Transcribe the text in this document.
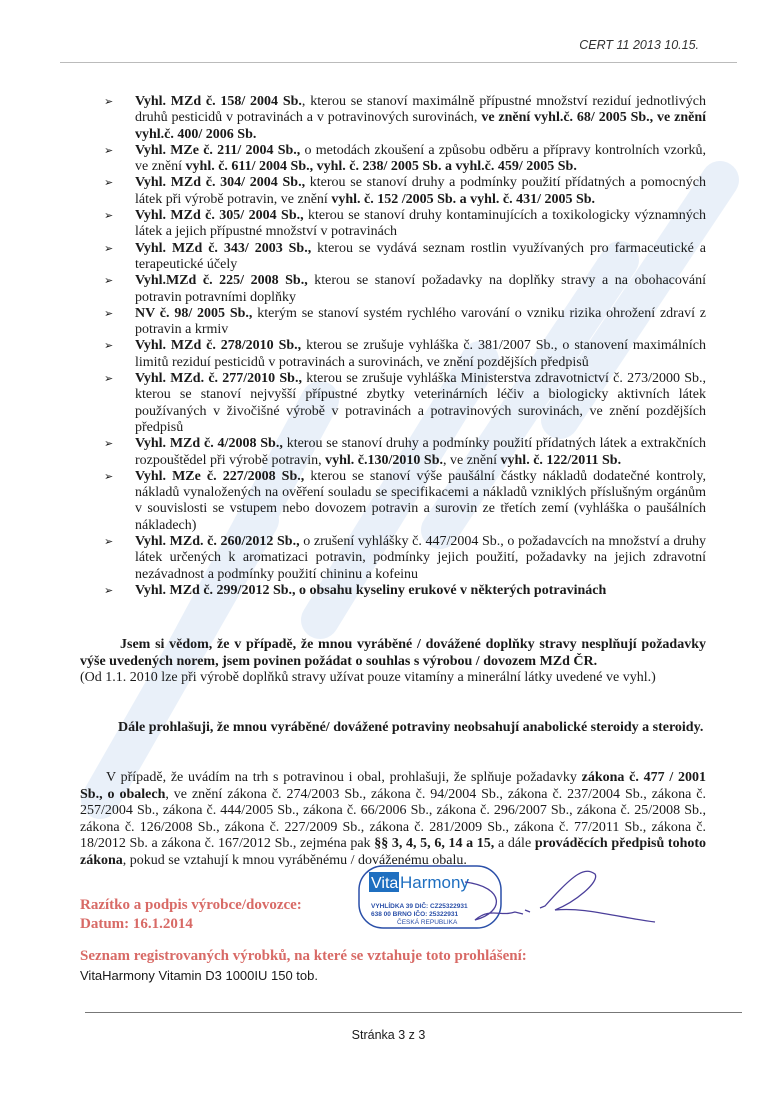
CERT 11 2013 10.15.
➢ Vyhl. MZd č. 158/ 2004 Sb., kterou se stanoví maximálně přípustné množství reziduí jednotlivých druhů pesticidů v potravinách a v potravinových surovinách, ve znění vyhl.č. 68/ 2005 Sb., ve znění vyhl.č. 400/ 2006 Sb.
➢ Vyhl. MZe č. 211/ 2004 Sb., o metodách zkoušení a způsobu odběru a přípravy kontrolních vzorků, ve znění vyhl. č. 611/ 2004 Sb., vyhl. č. 238/ 2005 Sb. a vyhl.č. 459/ 2005 Sb.
➢ Vyhl. MZd č. 304/ 2004 Sb., kterou se stanoví druhy a podmínky použití přídatných a pomocných látek při výrobě potravin, ve znění vyhl. č. 152 /2005 Sb. a vyhl. č. 431/ 2005 Sb.
➢ Vyhl. MZd č. 305/ 2004 Sb., kterou se stanoví druhy kontaminujících a toxikologicky významných látek a jejich přípustné množství v potravinách
➢ Vyhl. MZd č. 343/ 2003 Sb., kterou se vydává seznam rostlin využívaných pro farmaceutické a terapeutické účely
➢ Vyhl.MZd č. 225/ 2008 Sb., kterou se stanoví požadavky na doplňky stravy a na obohacování potravin potravními doplňky
➢ NV č. 98/ 2005 Sb., kterým se stanoví systém rychlého varování o vzniku rizika ohrožení zdraví z potravin a krmiv
➢ Vyhl. MZd č. 278/2010 Sb., kterou se zrušuje vyhláška č. 381/2007 Sb., o stanovení maximálních limitů reziduí pesticidů v potravinách a surovinách, ve znění pozdějších předpisů
➢ Vyhl. MZd. č. 277/2010 Sb., kterou se zrušuje vyhláška Ministerstva zdravotnictví č. 273/2000 Sb., kterou se stanoví nejvyšší přípustné zbytky veterinárních léčiv a biologicky aktivních látek používaných v živočišné výrobě v potravinách a potravinových surovinách, ve znění pozdějších předpisů
➢ Vyhl. MZd č. 4/2008 Sb., kterou se stanoví druhy a podmínky použití přídatných látek a extrakčních rozpouštědel při výrobě potravin, vyhl. č.130/2010 Sb., ve znění vyhl. č. 122/2011 Sb.
➢ Vyhl. MZe č. 227/2008 Sb., kterou se stanoví výše paušální částky nákladů dodatečné kontroly, nákladů vynaložených na ověření souladu se specifikacemi a nákladů vzniklých příslušným orgánům v souvislosti se vstupem nebo dovozem potravin a surovin ze třetích zemí (vyhláška o paušálních nákladech)
➢ Vyhl. MZd. č. 260/2012 Sb., o zrušení vyhlášky č. 447/2004 Sb., o požadavcích na množství a druhy látek určených k aromatizaci potravin, podmínky jejich použití, požadavky na jejich zdravotní nezávadnost a podmínky použití chininu a kofeinu
➢ Vyhl. MZd č. 299/2012 Sb., o obsahu kyseliny erukové v některých potravinách
Jsem si vědom, že v případě, že mnou vyráběné / dovážené doplňky stravy nesplňují požadavky výše uvedených norem, jsem povinen požádat o souhlas s výrobou / dovozem MZd ČR.
(Od 1.1. 2010 lze při výrobě doplňků stravy užívat pouze vitamíny a minerální látky uvedené ve vyhl.)
Dále prohlašuji, že mnou vyráběné/ dovážené potraviny neobsahují anabolické steroidy a steroidy.
V případě, že uvádím na trh s potravinou i obal, prohlašuji, že splňuje požadavky zákona č. 477 / 2001 Sb., o obalech, ve znění zákona č. 274/2003 Sb., zákona č. 94/2004 Sb., zákona č. 237/2004 Sb., zákona č. 257/2004 Sb., zákona č. 444/2005 Sb., zákona č. 66/2006 Sb., zákona č. 296/2007 Sb., zákona č. 25/2008 Sb., zákona č. 126/2008 Sb., zákona č. 227/2009 Sb., zákona č. 281/2009 Sb., zákona č. 77/2011 Sb., zákona č. 18/2012 Sb. a zákona č. 167/2012 Sb., zejména pak §§ 3, 4, 5, 6, 14 a 15, a dále prováděcích předpisů tohoto zákona, pokud se vztahují k mnou vyráběnému / dováženému obalu.
Razítko a podpis výrobce/dovozce:
Datum: 16.1.2014
Vita Harmony
VYHLÍDKA 39 DIČ: CZ25322931
638 00 BRNO IČO: 25322931
ČESKÁ REPUBLIKA
Seznam registrovaných výrobků, na které se vztahuje toto prohlášení:
VitaHarmony Vitamin D3 1000IU 150 tob.
Stránka 3 z 3
